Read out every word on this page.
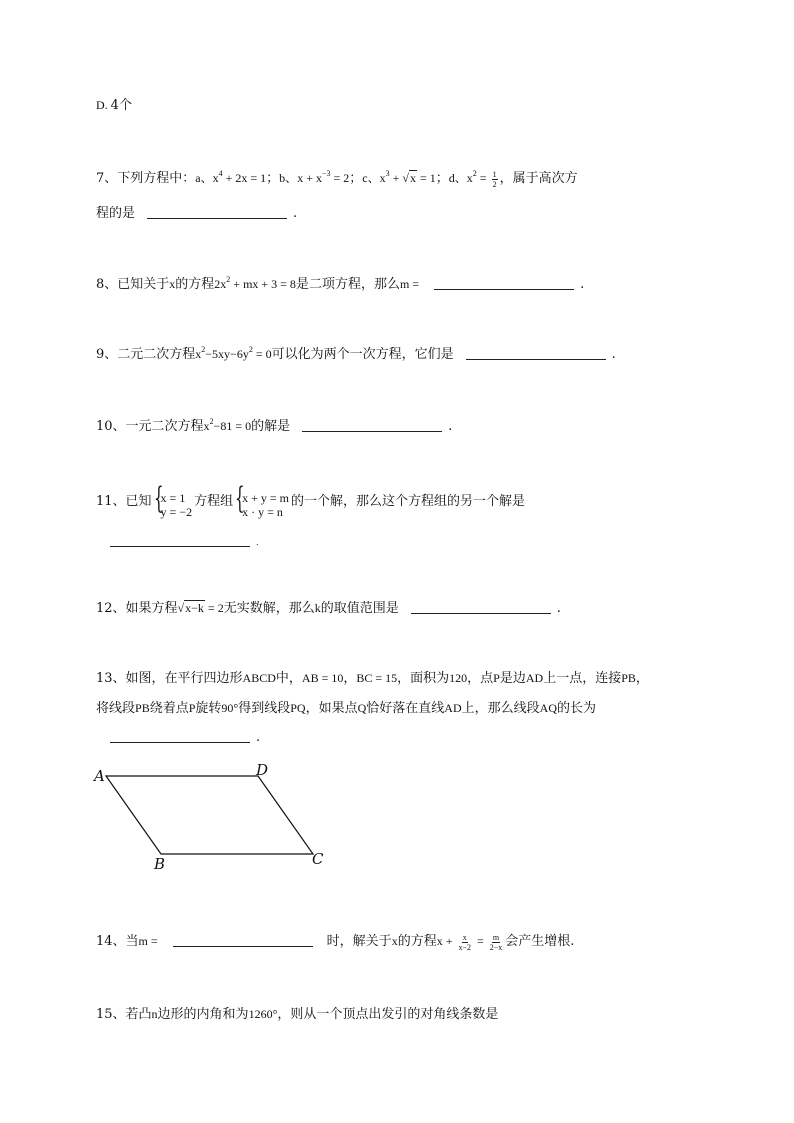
D. 4个
7、下列方程中：a、$x^4 + 2x = 1$；b、$x + x^{-3} = 2$；c、$x^3 + √x = 1$；d、$x^2 = \frac{1}{2}$ ，属于高次方
程的是	.
8、已知关于x的方程$2x^2$ + mx + 3 = 8是二项方程，那么m =	.
9、二元二次方程$x^2-5xy-6y^2 = 0$可以化为两个一次方程，它们是	.
10、一元二次方程$x^2-81 = 0$的解是	.
11、已知 {
x = 1
y = −2
方程组 {
x + y = m
x · y = n
的一个解，那么这个方程组的另一个解是
.
12、如果方程√x−k = 2无实数解，那么k的取值范围是	.
13、如图，在平行四边形ABCD中，AB = 10，BC = 15，面积为120，点P是边AD上一点，连接PB，
将线段PB绕着点P旋转90°得到线段PQ，如果点Q恰好落在直线AD上，那么线段AQ的长为
.
A	D
B	C
14、当m =	时，解关于x的方程$x + \frac{x}{x-2} = \frac{m}{2-x}$ 会产生增根.
15、若凸n边形的内角和为1260°，则从一个顶点出发引的对角线条数是
